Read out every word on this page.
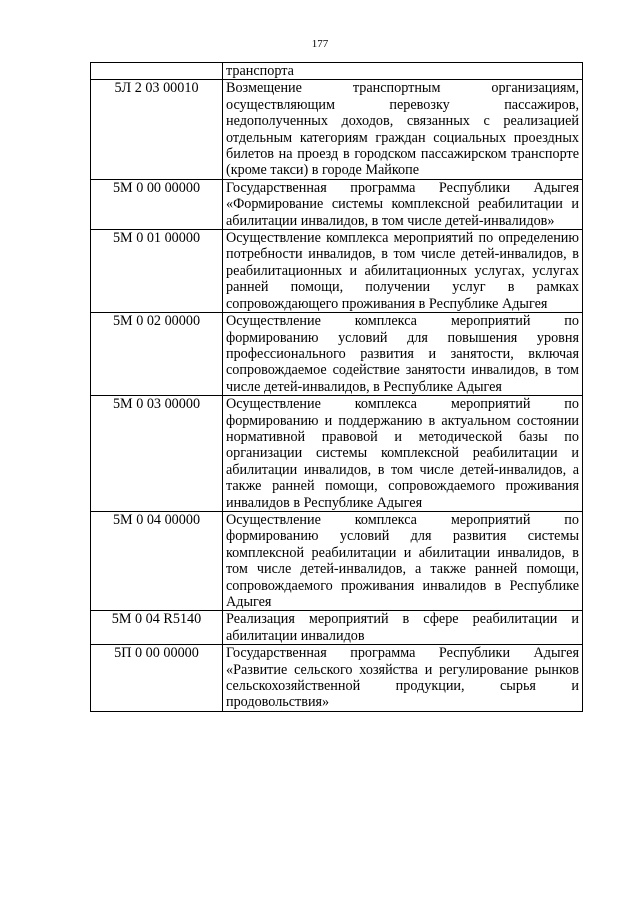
177
	транспорта
5Л 2 03 00010	Возмещение транспортным организациям, осуществляющим перевозку пассажиров, недополученных доходов, связанных с реализацией отдельным категориям граждан социальных проездных билетов на проезд в городском пассажирском транспорте (кроме такси) в городе Майкопе
5М 0 00 00000	Государственная программа Республики Адыгея «Формирование системы комплексной реабилитации и абилитации инвалидов, в том числе детей-инвалидов»
5М 0 01 00000	Осуществление комплекса мероприятий по определению потребности инвалидов, в том числе детей-инвалидов, в реабилитационных и абилитационных услугах, услугах ранней помощи, получении услуг в рамках сопровождающего проживания в Республике Адыгея
5М 0 02 00000	Осуществление комплекса мероприятий по формированию условий для повышения уровня профессионального развития и занятости, включая сопровождаемое содействие занятости инвалидов, в том числе детей-инвалидов, в Республике Адыгея
5М 0 03 00000	Осуществление комплекса мероприятий по формированию и поддержанию в актуальном состоянии нормативной правовой и методической базы по организации системы комплексной реабилитации и абилитации инвалидов, в том числе детей-инвалидов, а также ранней помощи, сопровождаемого проживания инвалидов в Республике Адыгея
5М 0 04 00000	Осуществление комплекса мероприятий по формированию условий для развития системы комплексной реабилитации и абилитации инвалидов, в том числе детей-инвалидов, а также ранней помощи, сопровождаемого проживания инвалидов в Республике Адыгея
5М 0 04 R5140	Реализация мероприятий в сфере реабилитации и абилитации инвалидов
5П 0 00 00000	Государственная программа Республики Адыгея «Развитие сельского хозяйства и регулирование рынков сельскохозяйственной продукции, сырья и продовольствия»
